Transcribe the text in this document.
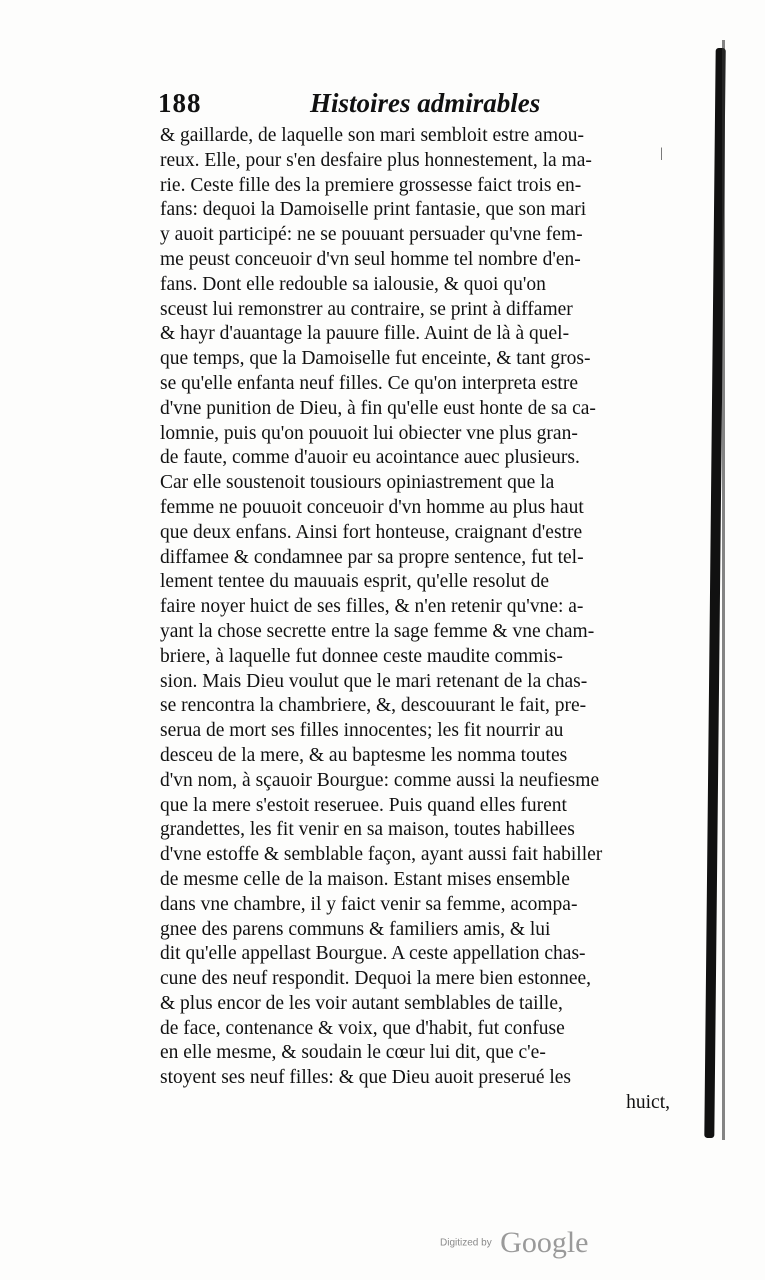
188	Histoires admirables
|
& gaillarde, de laquelle son mari sembloit estre amou-
reux. Elle, pour s'en desfaire plus honnestement, la ma-
rie. Ceste fille des la premiere grossesse faict trois en-
fans: dequoi la Damoiselle print fantasie, que son mari
y auoit participé: ne se pouuant persuader qu'vne fem-
me peust conceuoir d'vn seul homme tel nombre d'en-
fans. Dont elle redouble sa ialousie, & quoi qu'on
sceust lui remonstrer au contraire, se print à diffamer
& hayr d'auantage la pauure fille. Auint de là à quel-
que temps, que la Damoiselle fut enceinte, & tant gros-
se qu'elle enfanta neuf filles. Ce qu'on interpreta estre
d'vne punition de Dieu, à fin qu'elle eust honte de sa ca-
lomnie, puis qu'on pouuoit lui obiecter vne plus gran-
de faute, comme d'auoir eu acointance auec plusieurs.
Car elle soustenoit tousiours opiniastrement que la
femme ne pouuoit conceuoir d'vn homme au plus haut
que deux enfans. Ainsi fort honteuse, craignant d'estre
diffamee & condamnee par sa propre sentence, fut tel-
lement tentee du mauuais esprit, qu'elle resolut de
faire noyer huict de ses filles, & n'en retenir qu'vne: a-
yant la chose secrette entre la sage femme & vne cham-
briere, à laquelle fut donnee ceste maudite commis-
sion. Mais Dieu voulut que le mari retenant de la chas-
se rencontra la chambriere, &, descouurant le fait, pre-
serua de mort ses filles innocentes; les fit nourrir au
desceu de la mere, & au baptesme les nomma toutes
d'vn nom, à sçauoir Bourgue: comme aussi la neufiesme
que la mere s'estoit reseruee. Puis quand elles furent
grandettes, les fit venir en sa maison, toutes habillees
d'vne estoffe & semblable façon, ayant aussi fait habiller
de mesme celle de la maison. Estant mises ensemble
dans vne chambre, il y faict venir sa femme, acompa-
gnee des parens communs & familiers amis, & lui
dit qu'elle appellast Bourgue. A ceste appellation chas-
cune des neuf respondit. Dequoi la mere bien estonnee,
& plus encor de les voir autant semblables de taille,
de face, contenance & voix, que d'habit, fut confuse
en elle mesme, & soudain le cœur lui dit, que c'e-
stoyent ses neuf filles: & que Dieu auoit preserué les
huict,
Digitized by Google
